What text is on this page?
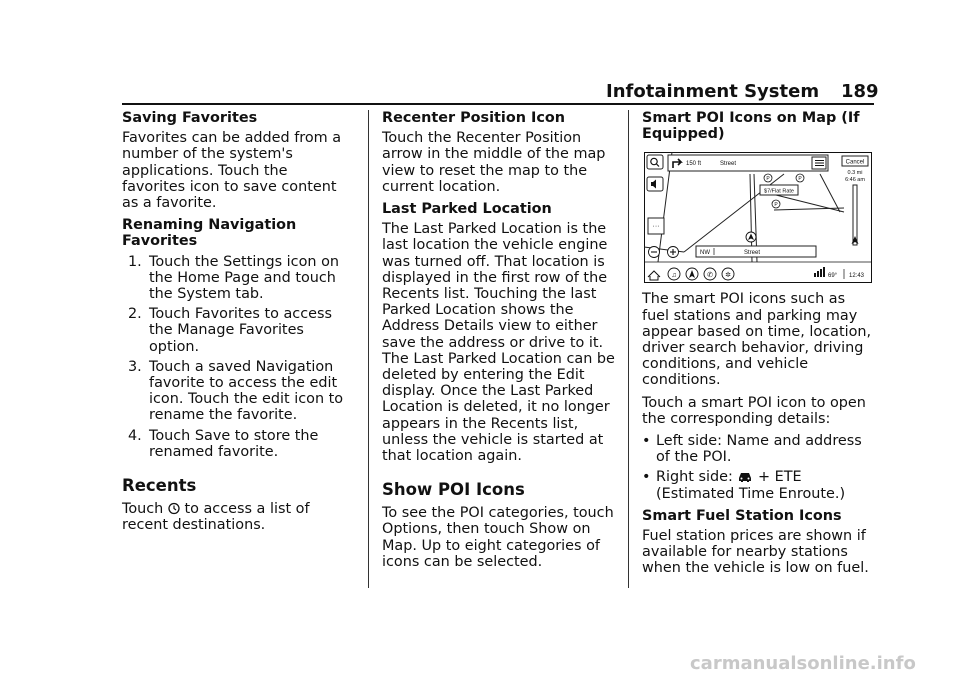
Infotainment System 189
Saving Favorites

Favorites can be added from a number of the system's applications. Touch the favorites icon to save content as a favorite.

Renaming Navigation Favorites
1. Touch the Settings icon on the Home Page and touch the System tab.
2. Touch Favorites to access the Manage Favorites option.
3. Touch a saved Navigation favorite to access the edit icon. Touch the edit icon to rename the favorite.
4. Touch Save to store the renamed favorite.
Recents

Touch to access a list of recent destinations.

Recenter Position Icon

Touch the Recenter Position arrow in the middle of the map view to reset the map to the current location.

Last Parked Location

The Last Parked Location is the last location the vehicle engine was turned off. That location is displayed in the first row of the Recents list. Touching the last Parked Location shows the Address Details view to either save the address or drive to it. The Last Parked Location can be deleted by entering the Edit display. Once the Last Parked Location is deleted, it no longer appears in the Recents list, unless the vehicle is started at that location again.

Show POI Icons

To see the POI categories, touch Options, then touch Show on Map. Up to eight categories of icons can be selected.

Smart POI Icons on Map (If Equipped)
150 ft	Street	Cancel
0.3 mi
6:46 am
P	P
P
$7/Flat Rate
···
NW	Street
♫	✆ ✲	69° 12:43

The smart POI icons such as fuel stations and parking may appear based on time, location, driver search behavior, driving conditions, and vehicle conditions.

Touch a smart POI icon to open the corresponding details:

• Left side: Name and address of the POI.
• Right side: + ETE (Estimated Time Enroute.)
Smart Fuel Station Icons

Fuel station prices are shown if available for nearby stations when the vehicle is low on fuel.

carmanualsonline.info
